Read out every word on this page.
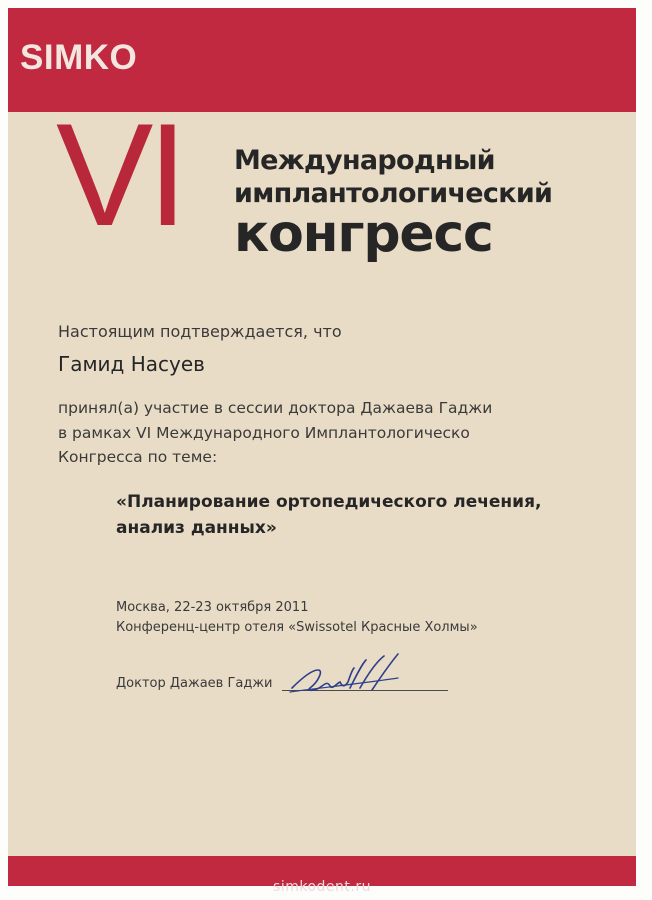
SIMKO
VI Международный
имплантологический
конгресс
Настоящим подтверждается, что
Гамид Насуев
принял(а) участие в сессии доктора Дажаева Гаджи
в рамках VI Международного Имплантологическо
Конгресса по теме:
«Планирование ортопедического лечения,
анализ данных»
Москва, 22-23 октября 2011
Конференц-центр отеля «Swissotel Красные Холмы»
Доктор Дажаев Гаджи
simkodent.ru
